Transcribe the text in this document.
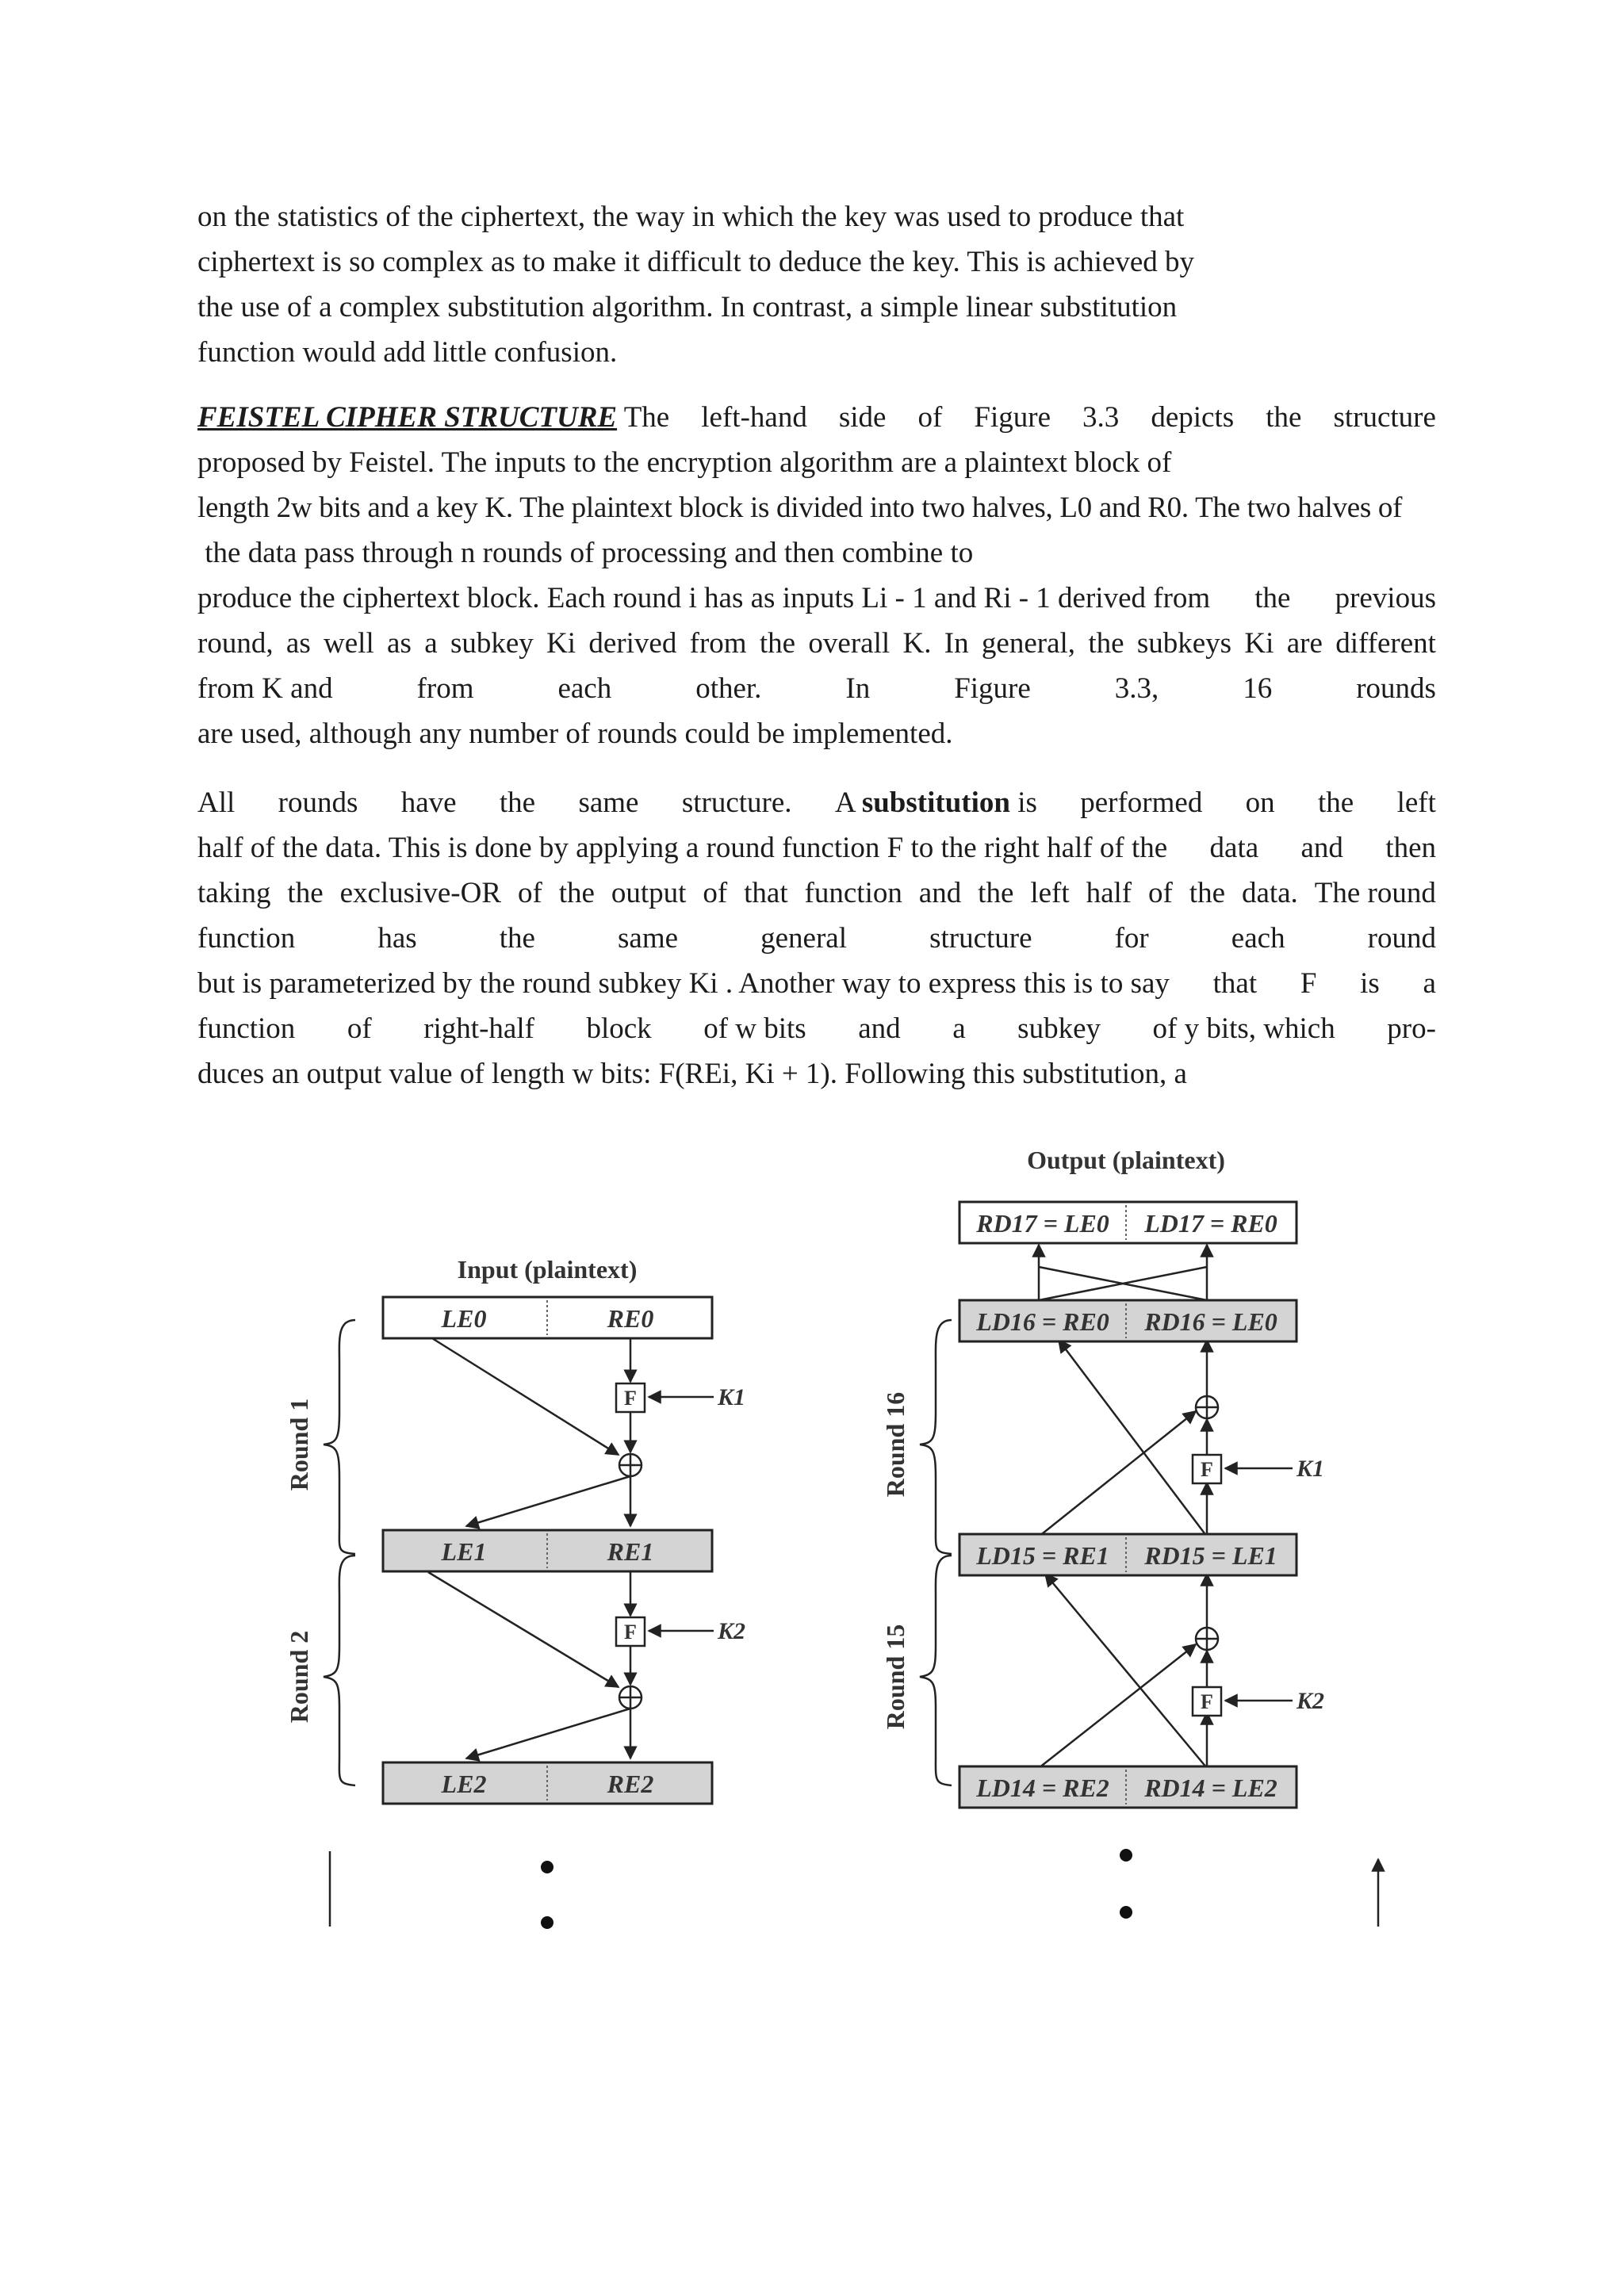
on the statistics of the ciphertext, the way in which the key was used to produce that
ciphertext is so complex as to make it difficult to deduce the key. This is achieved by
the use of a complex substitution algorithm. In contrast, a simple linear substitution
function would add little confusion.
FEISTEL CIPHER STRUCTURE The left-hand side of Figure 3.3 depicts the structure
proposed by Feistel. The inputs to the encryption algorithm are a plaintext block of
length 2w bits and a key K. The plaintext block is divided into two halves, L0 and R0. The two halves of
the data pass through n rounds of processing and then combine to
produce the ciphertext block. Each round i has as inputs Li - 1 and Ri - 1 derived from the previous
round, as well as a subkey Ki derived from the overall K. In general, the subkeys Ki are different
from K and	from	each	other.	In	Figure	3.3,	16	rounds
are used, although any number of rounds could be implemented.
All rounds have the same structure. A substitution is performed on the left
half of the data. This is done by applying a round function F to the right half of the data and then
taking the exclusive-OR of the output of that function and the left half of the data. The round
function	has	the	same	general	structure	for	each	round
but is parameterized by the round subkey Ki . Another way to express this is to say that F is a
function of right-half block of w bits and a subkey of y bits, which pro-
duces an output value of length w bits: F(REi, Ki + 1). Following this substitution, a
Input (plaintext)
Output (plaintext)
LE0	RE0
LE1	RE1
LE2	RE2
RD17 = LE0 LD17 = RE0
LD16 = RE0 RD16 = LE0
LD15 = RE1 RD15 = LE1
LD14 = RE2 RD14 = LE2
F
F
F
F
K1
K2
K1
K2
Round 1
Round 2
Round 16
Round 15
